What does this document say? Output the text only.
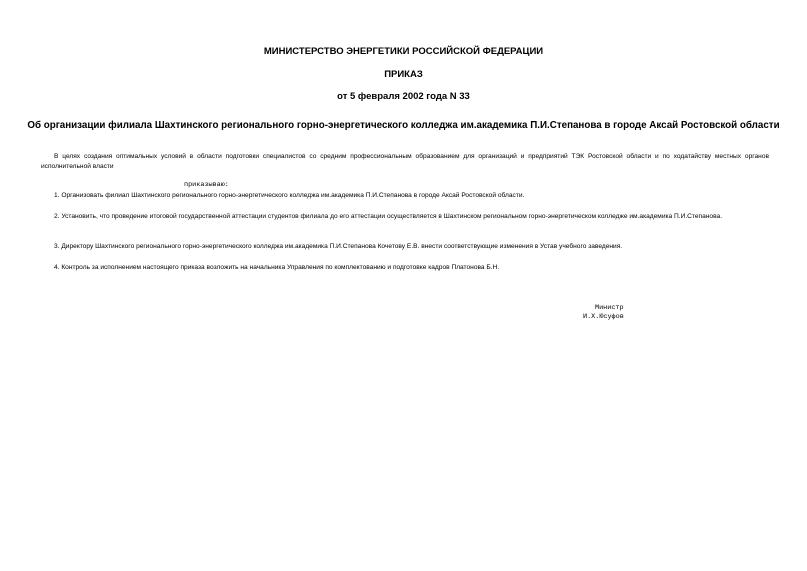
МИНИСТЕРСТВО ЭНЕРГЕТИКИ РОССИЙСКОЙ ФЕДЕРАЦИИ
ПРИКАЗ
от 5 февраля 2002 года N 33
Об организации филиала Шахтинского регионального горно-энергетического колледжа им.академика П.И.Степанова в городе Аксай Ростовской области
В целях создания оптимальных условий в области подготовки специалистов со средним профессиональным образованием для организаций и предприятий ТЭК Ростовской области и по ходатайству местных органов исполнительной власти
приказываю:
1. Организовать филиал Шахтинского регионального горно-энергетического колледжа им.академика П.И.Степанова в городе Аксай Ростовской области.
2. Установить, что проведение итоговой государственной аттестации студентов филиала до его аттестации осуществляется в Шахтинском региональном горно-энергетическом колледже им.академика П.И.Степанова.
3. Директору Шахтинского регионального горно-энергетического колледжа им.академика П.И.Степанова Кочетову Е.В. внести соответствующие изменения в Устав учебного заведения.
4. Контроль за исполнением настоящего приказа возложить на начальника Управления по комплектованию и подготовке кадров Платонова Б.Н.
Министр
И.Х.Юсуфов
